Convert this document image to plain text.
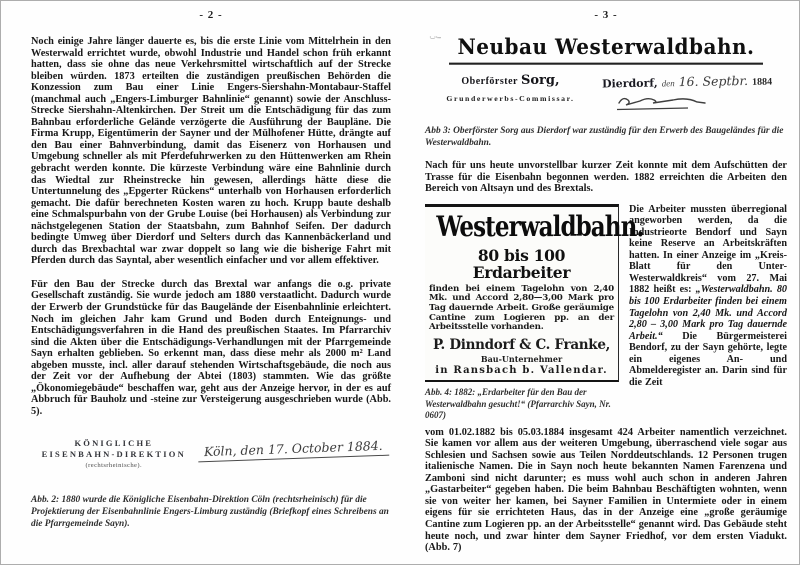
- 2 -

Noch einige Jahre länger dauerte es, bis die erste Linie vom Mittelrhein in den Westerwald errichtet wurde, obwohl Industrie und Handel schon früh erkannt hatten, dass sie ohne das neue Verkehrsmittel wirtschaftlich auf der Strecke bleiben würden. 1873 erteilten die zuständigen preußischen Behörden die Konzession zum Bau einer Linie Engers-Siershahn-Montabaur-Staffel (manchmal auch „Engers-Limburger Bahnlinie“ genannt) sowie der Anschluss-Strecke Siershahn-Altenkirchen. Der Streit um die Entschädigung für das zum Bahnbau erforderliche Gelände verzögerte die Ausführung der Baupläne. Die Firma Krupp, Eigentümerin der Sayner und der Mülhofener Hütte, drängte auf den Bau einer Bahnverbindung, damit das Eisenerz von Horhausen und Umgebung schneller als mit Pferdefuhrwerken zu den Hüttenwerken am Rhein gebracht werden konnte. Die kürzeste Verbindung wäre eine Bahnlinie durch das Wiedtal zur Rheinstrecke hin gewesen, allerdings hätte diese die Untertunnelung des „Epgerter Rückens“ unterhalb von Horhausen erforderlich gemacht. Die dafür berechneten Kosten waren zu hoch. Krupp baute deshalb eine Schmalspurbahn von der Grube Louise (bei Horhausen) als Verbindung zur nächstgelegenen Station der Staatsbahn, zum Bahnhof Seifen. Der dadurch bedingte Umweg über Dierdorf und Selters durch das Kannenbäckerland und durch das Brexbachtal war zwar doppelt so lang wie die bisherige Fahrt mit Pferden durch das Sayntal, aber wesentlich einfacher und vor allem effektiver.

Für den Bau der Strecke durch das Brextal war anfangs die o.g. private Gesellschaft zuständig. Sie wurde jedoch am 1880 verstaatlicht. Dadurch wurde der Erwerb der Grundstücke für das Baugelände der Eisenbahnlinie erleichtert. Noch im gleichen Jahr kam Grund und Boden durch Enteignungs- und Entschädigungsverfahren in die Hand des preußischen Staates. Im Pfarrarchiv sind die Akten über die Entschädigungs-Verhandlungen mit der Pfarrgemeinde Sayn erhalten geblieben. So erkennt man, dass diese mehr als 2000 m² Land abgeben musste, incl. aller darauf stehenden Wirtschaftsgebäude, die noch aus der Zeit vor der Aufhebung der Abtei (1803) stammten. Wie das größte „Ökonomiegebäude“ beschaffen war, geht aus der Anzeige hervor, in der es auf Abbruch für Bauholz und -steine zur Versteigerung ausgeschrieben wurde (Abb. 5).

KÖNIGLICHE
EISENBAHN-DIREKTION
(rechtsrheinische).
Köln, den 17. October 1884.

Abb. 2: 1880 wurde die Königliche Eisenbahn-Direktion Cöln (rechtsrheinisch) für die Projektierung der Eisenbahnlinie Engers-Limburg zuständig (Briefkopf eines Schreibens an die Pfarrgemeinde Sayn).

·–··‐‐
- 3 -
Neubau Westerwaldbahn.
Oberförster Sorg,
Grunderwerbs-Commissar.
Dierdorf, den 16. Septbr. 1884

Abb 3: Oberförster Sorg aus Dierdorf war zuständig für den Erwerb des Baugeländes für die Westerwaldbahn.

Nach für uns heute unvorstellbar kurzer Zeit konnte mit dem Aufschütten der Trasse für die Eisenbahn begonnen werden. 1882 erreichten die Arbeiten den Bereich von Altsayn und des Brextals.

Westerwaldbahn.
80 bis 100 Erdarbeiter
finden bei einem Tagelohn von 2,40 Mk. und Accord 2,80—3,00 Mark pro Tag dauernde Arbeit. Große geräumige Cantine zum Logieren pp. an der Arbeitsstelle vorhanden.
P. Dinndorf & C. Franke,
Bau-Unternehmer
in Ransbach b. Vallendar.

Abb. 4: 1882: „Erdarbeiter für den Bau der Westerwaldbahn gesucht!“ (Pfarrarchiv Sayn, Nr. 0607)

Die Arbeiter mussten überregional angeworben werden, da die Industrieorte Bendorf und Sayn keine Reserve an Arbeitskräften hatten. In einer Anzeige im „Kreis-Blatt für den Unter-Westerwaldkreis“ vom 27. Mai 1882 heißt es: „Westerwaldbahn. 80 bis 100 Erdarbeiter finden bei einem Tagelohn von 2,40 Mk. und Accord 2,80 – 3,00 Mark pro Tag dauernde Arbeit.“ Die Bürgermeisterei Bendorf, zu der Sayn gehörte, legte ein eigenes An- und Abmelderegister an. Darin sind für die Zeit

vom 01.02.1882 bis 05.03.1884 insgesamt 424 Arbeiter namentlich verzeichnet. Sie kamen vor allem aus der weiteren Umgebung, überraschend viele sogar aus Schlesien und Sachsen sowie aus Teilen Norddeutschlands. 12 Personen trugen italienische Namen. Die in Sayn noch heute bekannten Namen Farenzena und Zamboni sind nicht darunter; es muss wohl auch schon in anderen Jahren „Gastarbeiter“ gegeben haben. Die beim Bahnbau Beschäftigten wohnten, wenn sie von weiter her kamen, bei Sayner Familien in Untermiete oder in einem eigens für sie errichteten Haus, das in der Anzeige eine „große geräumige Cantine zum Logieren pp. an der Arbeitsstelle“ genannt wird. Das Gebäude steht heute noch, und zwar hinter dem Sayner Friedhof, vor dem ersten Viadukt. (Abb. 7)
